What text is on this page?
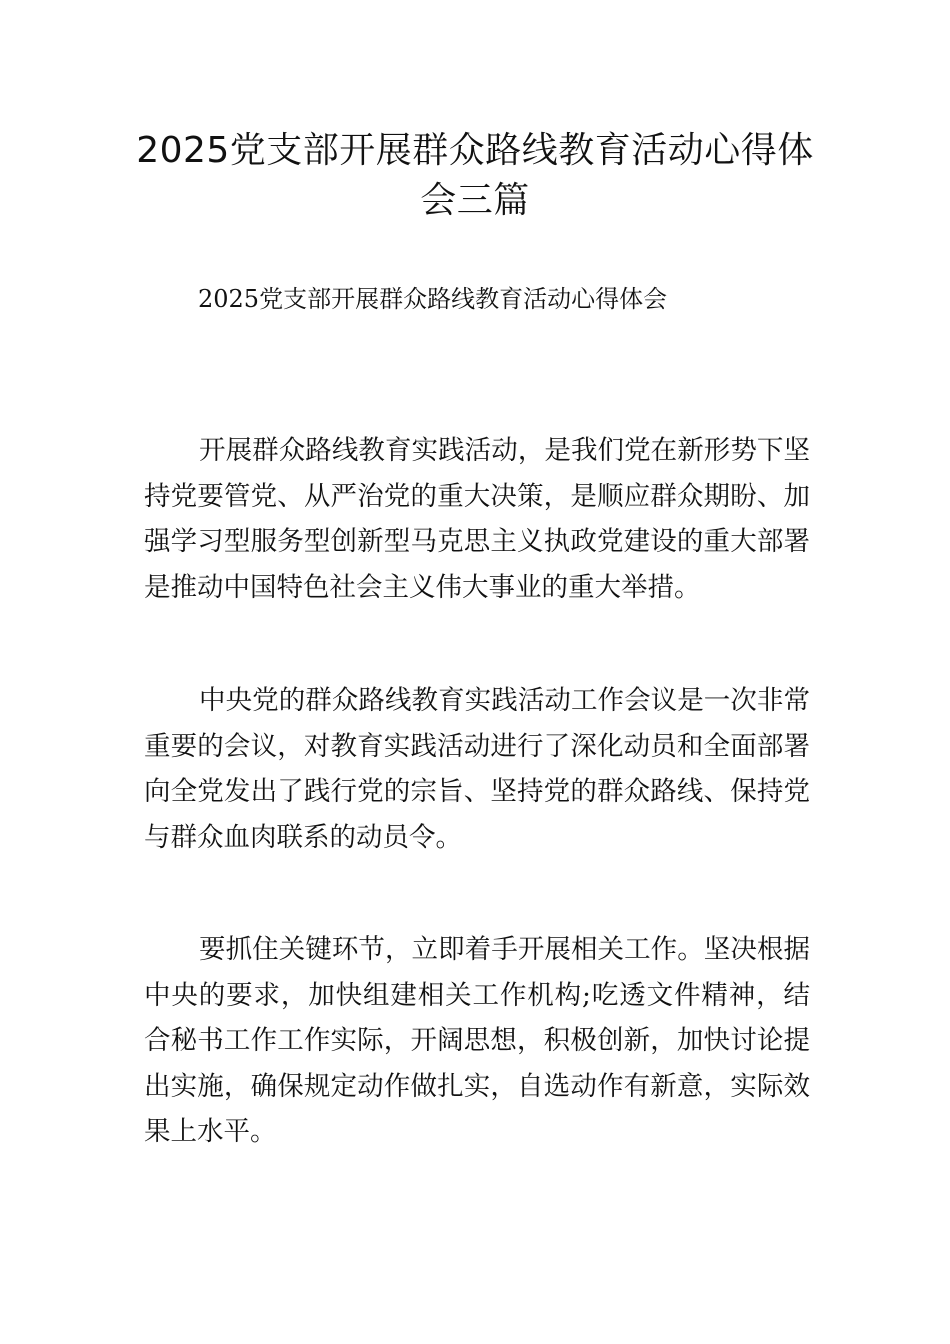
2025党支部开展群众路线教育活动心得体
会三篇

2025党支部开展群众路线教育活动心得体会

开展群众路线教育实践活动，是我们党在新形势下坚持党要管党、从严治党的重大决策，是顺应群众期盼、加强学习型服务型创新型马克思主义执政党建设的重大部署是推动中国特色社会主义伟大事业的重大举措。

中央党的群众路线教育实践活动工作会议是一次非常重要的会议，对教育实践活动进行了深化动员和全面部署向全党发出了践行党的宗旨、坚持党的群众路线、保持党与群众血肉联系的动员令。

要抓住关键环节，立即着手开展相关工作。坚决根据中央的要求，加快组建相关工作机构;吃透文件精神，结合秘书工作工作实际，开阔思想，积极创新，加快讨论提出实施，确保规定动作做扎实，自选动作有新意，实际效果上水平。
